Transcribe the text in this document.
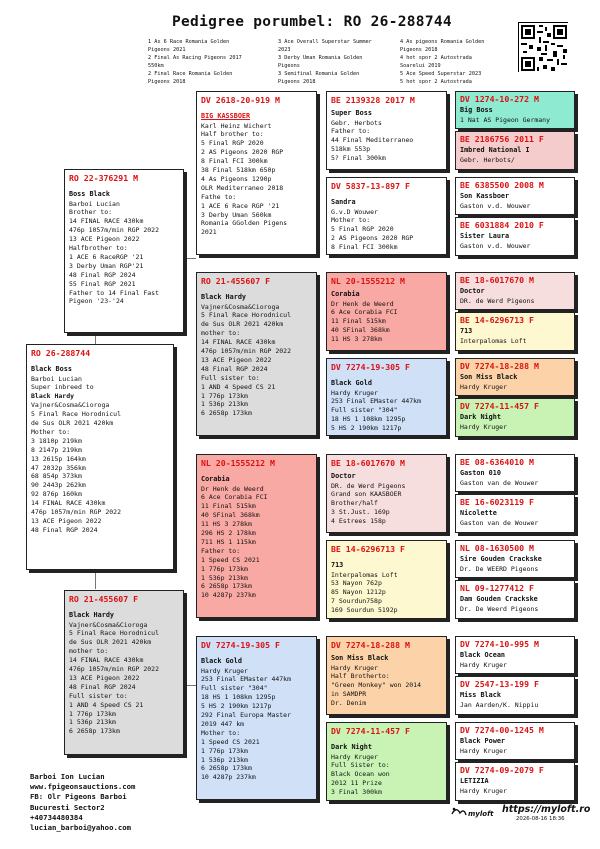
Pedigree porumbel: RO 26-288744
1 As 6 Race Romania Golden
Pigeons 2021
2 Final As Racing Pigeons 2017
550km
2 Final Race Romania Golden
Pigeons 2018
3 Ace Overall Superstar Summer
2023
3 Derby Uman Romania Golden
Pigeons
3 Semifinal Romania Golden
Pigeons 2018
4 As pigeons Romania Golden
Pigeons 2018
4 hot spor 2 Autostrada
Soarelui 2019
5 Ace Speed Superstar 2023
5 hot spor 2 Autostrada
RO 26-288744
Black Boss
Barboi Lucian
Super inbreed to
Black Hardy
Vajner&Cosma&Cioroga
5 Final Race Horodnicul
de Sus OLR 2021 420km
Mother to:
3 1810p 219km
8 2147p 219km
13 2615p 164km
47 2032p 356km
68 854p 373km
90 2443p 262km
92 876p 160km
14 FINAL RACE 430km
476p 1057m/min RGP 2022
13 ACE Pigeon 2022
48 Final RGP 2024
RO 22-376291 M
Boss Black
Barboi Lucian
Brother to:
14 FINAL RACE 430km
476p 1057m/min RGP 2022
13 ACE Pigeon 2022
Halfbrother to:
1 ACE 6 RaceRGP '21
3 Derby Uman RGP'21
48 Final RGP 2024
55 Final RGP 2021
Father to 14 Final Fast
Pigeon '23-'24
RO 21-455607 F
Black Hardy
Vajner&Cosma&Cioroga
5 Final Race Horodnicul
de Sus OLR 2021 420km
mother to:
14 FINAL RACE 430km
476p 1057m/min RGP 2022
13 ACE Pigeon 2022
48 Final RGP 2024
Full sister to:
1 AND 4 Speed CS 21
1 776p 173km
1 536p 213km
6 2658p 173km
DV 2618-20-919 M
BIG KASSBOER
Karl Heinz Wichert
Half brother to:
5 Final RGP 2020
2 AS Pigeons 2020 RGP
8 Final FCI 300km
38 Final 518km 650p
4 As Pigeons 1290p
OLR Mediterraneo 2018
Fathe to:
1 ACE 6 Race RGP '21
3 Derby Uman 560km
Romania GGolden Pigens
2021
RO 21-455607 F
Black Hardy
Vajner&Cosma&Cioroga
5 Final Race Horodnicul
de Sus OLR 2021 420km
mother to:
14 FINAL RACE 430km
476p 1057m/min RGP 2022
13 ACE Pigeon 2022
48 Final RGP 2024
Full sister to:
1 AND 4 Speed CS 21
1 776p 173km
1 536p 213km
6 2658p 173km
NL 20-1555212 M
Corabia
Dr Henk de Weerd
6 Ace Corabia FCI
11 Final 515km
40 SFinal 368km
11 HS 3 278km
296 HS 2 178km
711 HS 1 115km
Father to:
1 Speed CS 2021
1 776p 173km
1 536p 213km
6 2658p 173km
10 4287p 237km
DV 7274-19-305 F
Black Gold
Hardy Kruger
253 Final EMaster 447km
Full sister "304"
18 HS 1 108km 1295p
5 HS 2 190km 1217p
292 Final Europa Master
2019 447 km
Mother to:
1 Speed CS 2021
1 776p 173km
1 536p 213km
6 2658p 173km
10 4287p 237km
BE 2139328 2017 M
Super Boss
Gebr. Herbots
Father to:
44 Final Mediterraneo
518km 553p
5? Final 300km
DV 5837-13-897 F
Sandra
G.v.D Wouwer
Mother to:
5 Final RGP 2020
2 AS Pigeons 2020 RGP
8 Final FCI 300km
NL 20-1555212 M
Corabia
Dr Henk de Weerd
6 Ace Corabia FCI
11 Final 515km
40 SFinal 368km
11 HS 3 278km
DV 7274-19-305 F
Black Gold
Hardy Kruger
253 Final EMaster 447km
Full sister "304"
18 HS 1 108km 1295p
5 HS 2 190km 1217p
BE 18-6017670 M
Doctor
DR. de Werd Pigeons
Grand son KAASBOER
Brother/half
3 St.Just. 169p
4 Estrees 158p
BE 14-6296713 F
713
Interpalomas Loft
53 Nayon 762p
85 Nayon 1212p
7 Sourdun758p
169 Sourdun 5192p
DV 7274-18-288 M
Son Miss Black
Hardy Kruger
Half Brotherto:
"Green Monkey" won 2014
in SAMDPR
Dr. Denim
DV 7274-11-457 F
Dark Night
Hardy Kruger
Full Sister to:
Black Ocean won
2012 11 Prize
3 Final 300km
DV 1274-10-272 M
Big Boss
1 Nat AS Pigeon Germany
BE 2186756 2011 F
Imbred National I
Gebr. Herbots/
BE 6385500 2008 M
Son Kassboer
Gaston v.d. Wouwer
BE 6031884 2010 F
Sister Laura
Gaston v.d. Wouwer
BE 18-6017670 M
Doctor
DR. de Werd Pigeons
BE 14-6296713 F
713
Interpalomas Loft
DV 7274-18-288 M
Son Miss Black
Hardy Kruger
DV 7274-11-457 F
Dark Night
Hardy Kruger
BE 08-6364010 M
Gaston 010
Gaston van de Wouwer
BE 16-6023119 F
Nicolette
Gaston van de Wouwer
NL 08-1630500 M
Sire Gouden Crackske
Dr. De WEERD Pigeons
NL 09-1277412 F
Dam Gouden Crackske
Dr. De Weerd Pigeons
DV 7274-10-995 M
Black Ocean
Hardy Kruger
DV 2547-13-199 F
Miss Black
Jan Aarden/K. Nippiu
DV 7274-00-1245 M
Black Power
Hardy Kruger
DV 7274-09-2079 F
LETIZIA
Hardy Kruger
Barboi Ion Lucian
www.fpigeonsauctions.com
FB: Olr Pigeons Barboi
Bucuresti Sector2
+40734480384
lucian_barboi@yahoo.com
myloft https://myloft.ro
2026-08-16 18:36
